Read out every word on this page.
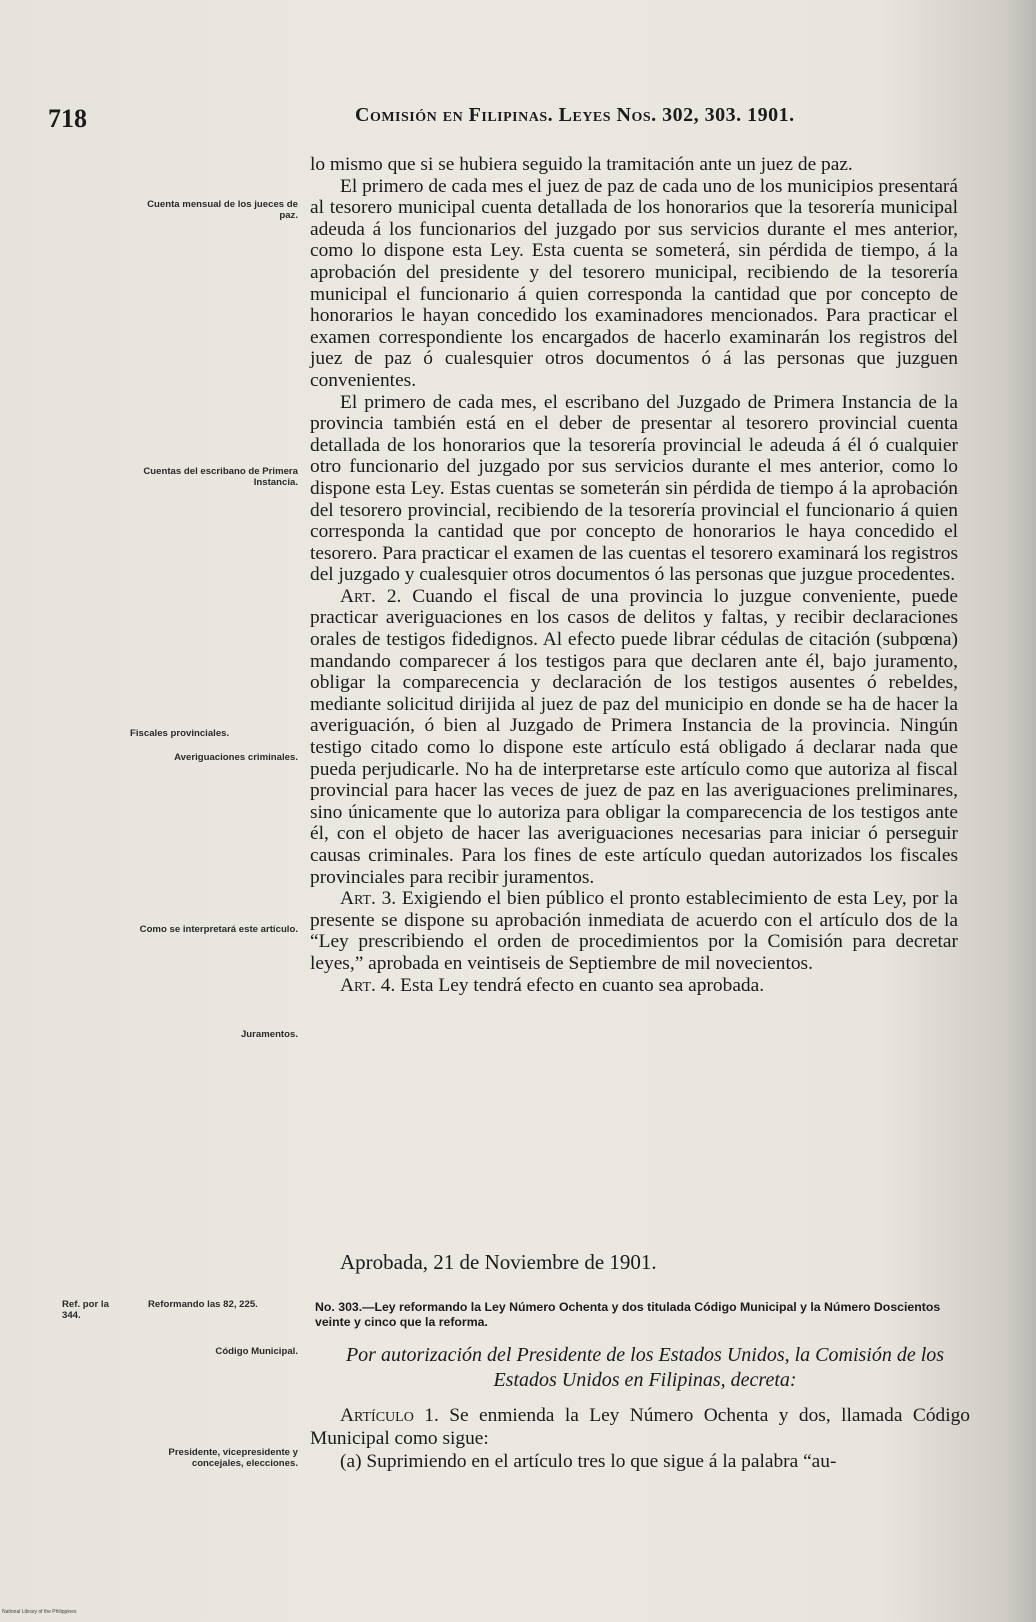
718	Comisión en Filipinas. Leyes Nos. 302, 303. 1901.
Cuenta mensual de los jueces de paz.
Cuentas del escribano de Primera Instancia.
Fiscales provinciales.
Averiguaciones criminales.
Como se interpretará este artículo.
Juramentos.

lo mismo que si se hubiera seguido la tramitación ante un juez de paz.

El primero de cada mes el juez de paz de cada uno de los municipios presentará al tesorero municipal cuenta detallada de los honorarios que la tesorería municipal adeuda á los funcionarios del juzgado por sus servicios durante el mes anterior, como lo dispone esta Ley. Esta cuenta se someterá, sin pérdida de tiempo, á la aprobación del presidente y del tesorero municipal, recibiendo de la tesorería municipal el funcionario á quien corresponda la cantidad que por concepto de honorarios le hayan concedido los examinadores mencionados. Para practicar el examen correspondiente los encargados de hacerlo examinarán los registros del juez de paz ó cualesquier otros documentos ó á las personas que juzguen convenientes.

El primero de cada mes, el escribano del Juzgado de Primera Instancia de la provincia también está en el deber de presentar al tesorero provincial cuenta detallada de los honorarios que la tesorería provincial le adeuda á él ó cualquier otro funcionario del juzgado por sus servicios durante el mes anterior, como lo dispone esta Ley. Estas cuentas se someterán sin pérdida de tiempo á la aprobación del tesorero provincial, recibiendo de la tesorería provincial el funcionario á quien corresponda la cantidad que por concepto de honorarios le haya concedido el tesorero. Para practicar el examen de las cuentas el tesorero examinará los registros del juzgado y cualesquier otros documentos ó las personas que juzgue procedentes.

Art. 2. Cuando el fiscal de una provincia lo juzgue conveniente, puede practicar averiguaciones en los casos de delitos y faltas, y recibir declaraciones orales de testigos fidedignos. Al efecto puede librar cédulas de citación (subpœna) mandando comparecer á los testigos para que declaren ante él, bajo juramento, obligar la comparecencia y declaración de los testigos ausentes ó rebeldes, mediante solicitud dirijida al juez de paz del municipio en donde se ha de hacer la averiguación, ó bien al Juzgado de Primera Instancia de la provincia. Ningún testigo citado como lo dispone este artículo está obligado á declarar nada que pueda perjudicarle. No ha de interpretarse este artículo como que autoriza al fiscal provincial para hacer las veces de juez de paz en las averiguaciones preliminares, sino únicamente que lo autoriza para obligar la comparecencia de los testigos ante él, con el objeto de hacer las averiguaciones necesarias para iniciar ó perseguir causas criminales. Para los fines de este artículo quedan autorizados los fiscales provinciales para recibir juramentos.

Art. 3. Exigiendo el bien público el pronto establecimiento de esta Ley, por la presente se dispone su aprobación inmediata de acuerdo con el artículo dos de la “Ley prescribiendo el orden de procedimientos por la Comisión para decretar leyes,” aprobada en veintiseis de Septiembre de mil novecientos.

Art. 4. Esta Ley tendrá efecto en cuanto sea aprobada.

Aprobada, 21 de Noviembre de 1901.
Ref. por la 344.
Reformando las 82, 225.	No. 303.—Ley reformando la Ley Número Ochenta y dos titulada Código Municipal y la Número Doscientos veinte y cinco que la reforma.
Código Municipal.	Por autorización del Presidente de los Estados Unidos, la Comisión de los Estados Unidos en Filipinas, decreta:

Artículo 1. Se enmienda la Ley Número Ochenta y dos, llamada Código Municipal como sigue:

(a) Suprimiendo en el artículo tres lo que sigue á la palabra “au-

Presidente, vicepresidente y concejales, elecciones.
National Library of the Philippines
